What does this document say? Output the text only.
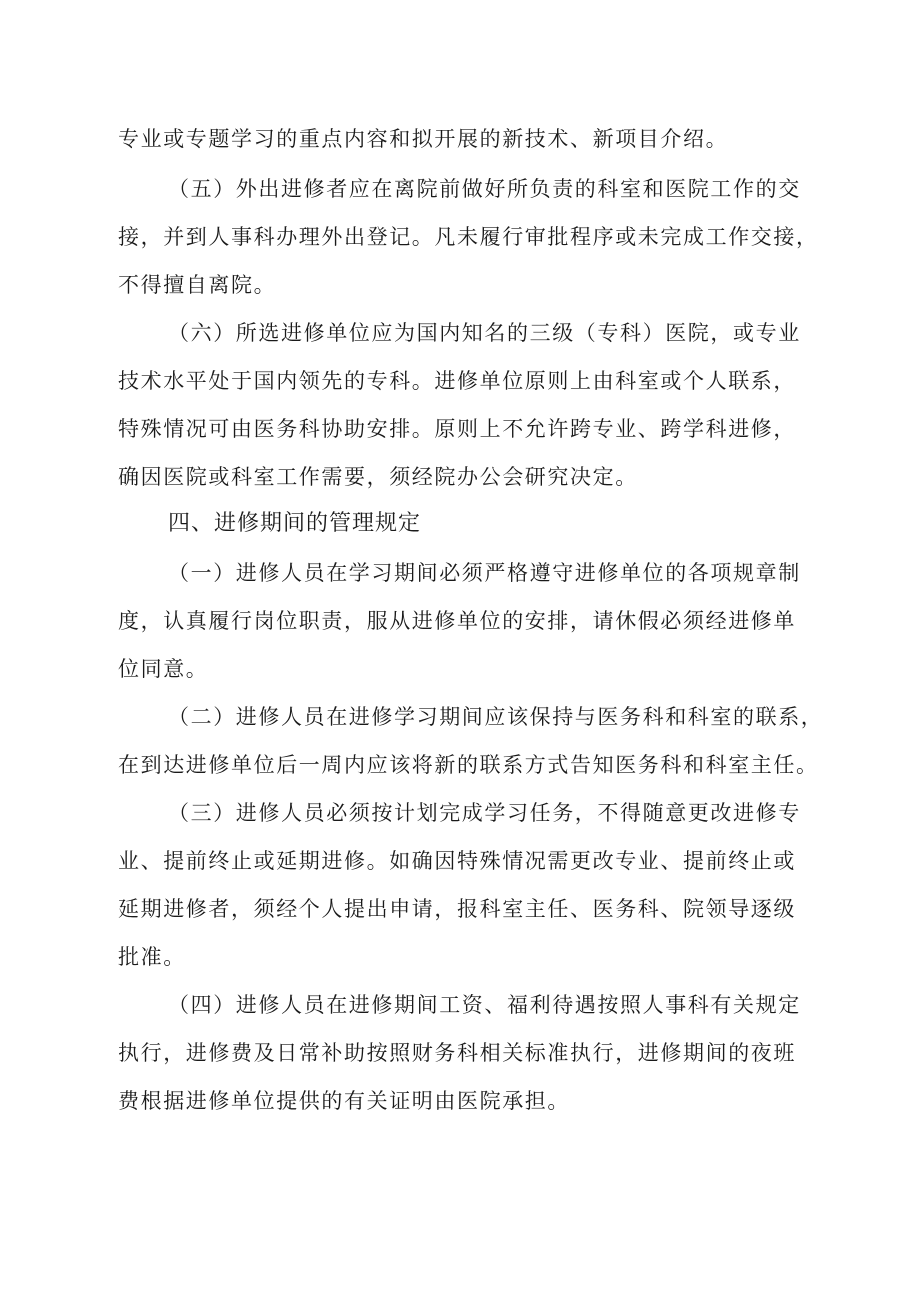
专业或专题学习的重点内容和拟开展的新技术、新项目介绍。
（五）外出进修者应在离院前做好所负责的科室和医院工作的交
接，并到人事科办理外出登记。凡未履行审批程序或未完成工作交接，
不得擅自离院。
（六）所选进修单位应为国内知名的三级（专科）医院，或专业
技术水平处于国内领先的专科。进修单位原则上由科室或个人联系，
特殊情况可由医务科协助安排。原则上不允许跨专业、跨学科进修，
确因医院或科室工作需要，须经院办公会研究决定。
四、进修期间的管理规定
（一）进修人员在学习期间必须严格遵守进修单位的各项规章制
度，认真履行岗位职责，服从进修单位的安排，请休假必须经进修单
位同意。
（二）进修人员在进修学习期间应该保持与医务科和科室的联系，
在到达进修单位后一周内应该将新的联系方式告知医务科和科室主任。
（三）进修人员必须按计划完成学习任务，不得随意更改进修专
业、提前终止或延期进修。如确因特殊情况需更改专业、提前终止或
延期进修者，须经个人提出申请，报科室主任、医务科、院领导逐级
批准。
（四）进修人员在进修期间工资、福利待遇按照人事科有关规定
执行，进修费及日常补助按照财务科相关标准执行，进修期间的夜班
费根据进修单位提供的有关证明由医院承担。
